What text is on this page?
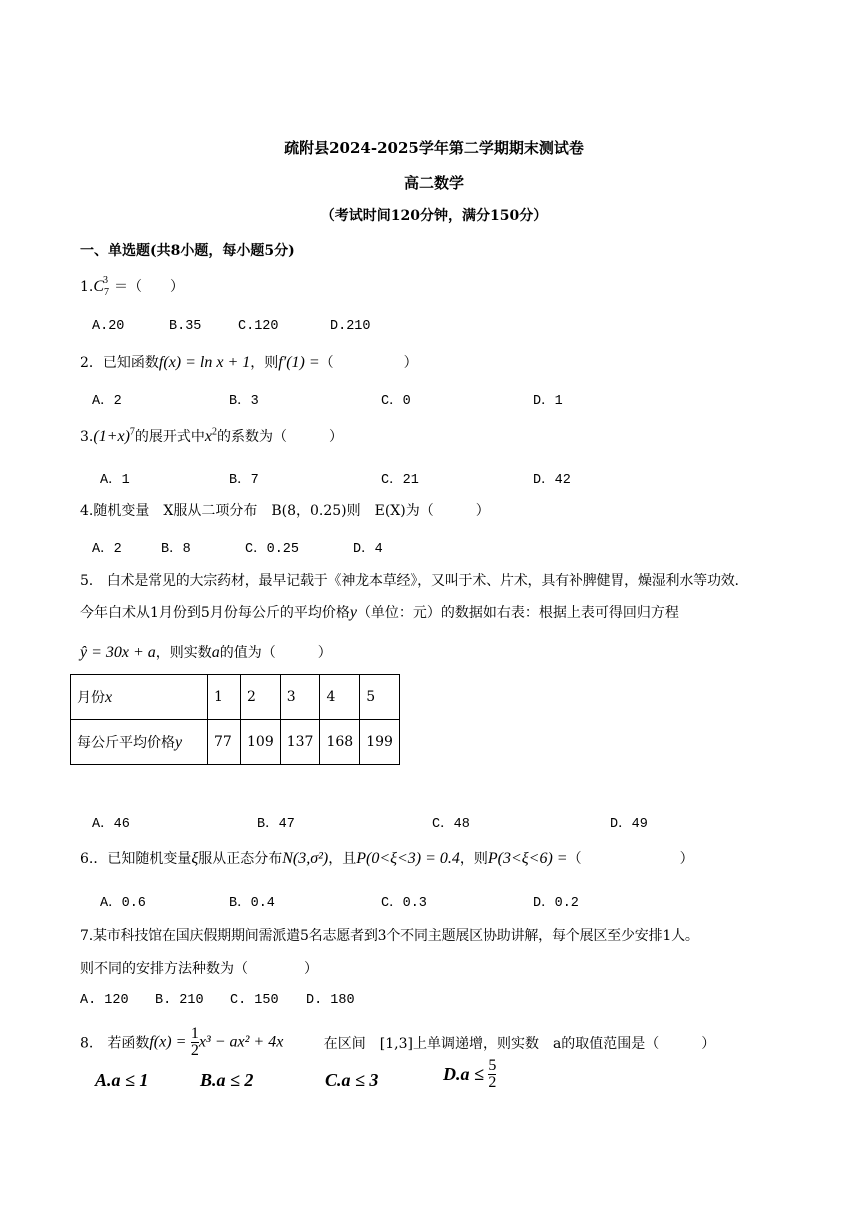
疏附县2024-2025学年第二学期期末测试卷
高二数学
（考试时间120分钟，满分150分）
一、单选题(共8小题，每小题5分)
$1.C_7^3$ ＝（　　）
A.20	B.35	C.120	D.210
2．已知函数f(x) = ln x + 1，则f′(1) =（　　　　　）
A．2	B．3	C．0	D．1
$3.(1+x)^7$的展开式中$x^2$的系数为（　　　）
A．1	B．7	C．21	D．42
4.随机变量　X服从二项分布　B(8，0.25)则　E(X)为（　　　）
A．2	B．8	C．0.25	D．4
5.　白术是常见的大宗药材，最早记载于《神龙本草经》，又叫于术、片术，具有补脾健胃，燥湿利水等功效.
今年白术从1月份到5月份每公斤的平均价格y（单位：元）的数据如右表：根据上表可得回归方程
ŷ = 30x + a，则实数a的值为（　　　）
月份x	1	2	3	4	5
每公斤平均价格y	77	109	137	168	199
A．46	B．47	C．48	D．49
6.．已知随机变量ξ服从正态分布N(3,σ²)，且P(0<ξ<3) = 0.4，则P(3<ξ<6) =（　　　　　　　）
A．0.6	B．0.4	C．0.3	D．0.2
7.某市科技馆在国庆假期期间需派遣5名志愿者到3个不同主题展区协助讲解，每个展区至少安排1人。
则不同的安排方法种数为（　　　　）
A. 120 B. 210 C. 150 D. 180
8.　若函数$f(x) = \frac{1}{2} x^3 - ax^2 + 4x$	在区间　[1,3]上单调递增，则实数　a的取值范围是（　　　）
A.a ≤ 1	B.a ≤ 2	C.a ≤ 3	$D.a \le \frac{5}{2}$
